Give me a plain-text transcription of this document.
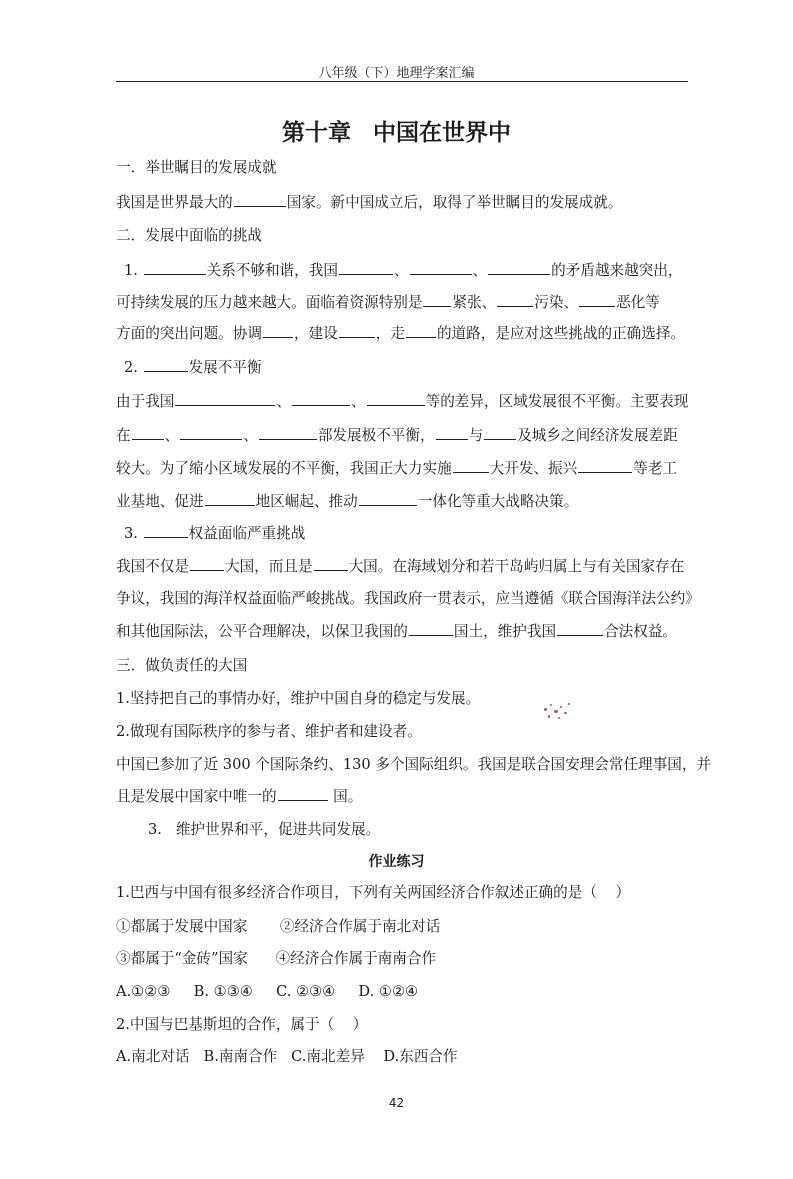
八年级（下）地理学案汇编
第十章 中国在世界中
一．举世瞩目的发展成就
我国是世界最大的	国家。新中国成立后，取得了举世瞩目的发展成就。
二．发展中面临的挑战
1.	关系不够和谐，我国	、	、	的矛盾越来越突出，
可持续发展的压力越来越大。面临着资源特别是 紧张、	污染、	恶化等
方面的突出问题。协调 ，建设	，走 的道路，是应对这些挑战的正确选择。
2.	发展不平衡
由于我国	、	、	等的差异，区域发展很不平衡。主要表现
在 、	、	部发展极不平衡， 与 及城乡之间经济发展差距
较大。为了缩小区域发展的不平衡，我国正大力实施	大开发、振兴	等老工
业基地、促进	地区崛起、推动	一体化等重大战略决策。
3.	权益面临严重挑战
我国不仅是 大国，而且是 大国。在海域划分和若干岛屿归属上与有关国家存在
争议，我国的海洋权益面临严峻挑战。我国政府一贯表示，应当遵循《联合国海洋法公约》
和其他国际法，公平合理解决，以保卫我国的	国土，维护我国	合法权益。
三．做负责任的大国
1.坚持把自己的事情办好，维护中国自身的稳定与发展。
2.做现有国际秩序的参与者、维护者和建设者。
中国已参加了近 300 个国际条约、130 多个国际组织。我国是联合国安理会常任理事国，并
且是发展中国家中唯一的	国。
3.   维护世界和平，促进共同发展。
作业练习
1.巴西与中国有很多经济合作项目，下列有关两国经济合作叙述正确的是（    ）
①都属于发展中国家       ②经济合作属于南北对话
③都属于“金砖”国家      ④经济合作属于南南合作
A.①②③     B. ①③④     C. ②③④     D. ①②④
2.中国与巴基斯坦的合作，属于（    ）
A.南北对话   B.南南合作   C.南北差异    D.东西合作
42
